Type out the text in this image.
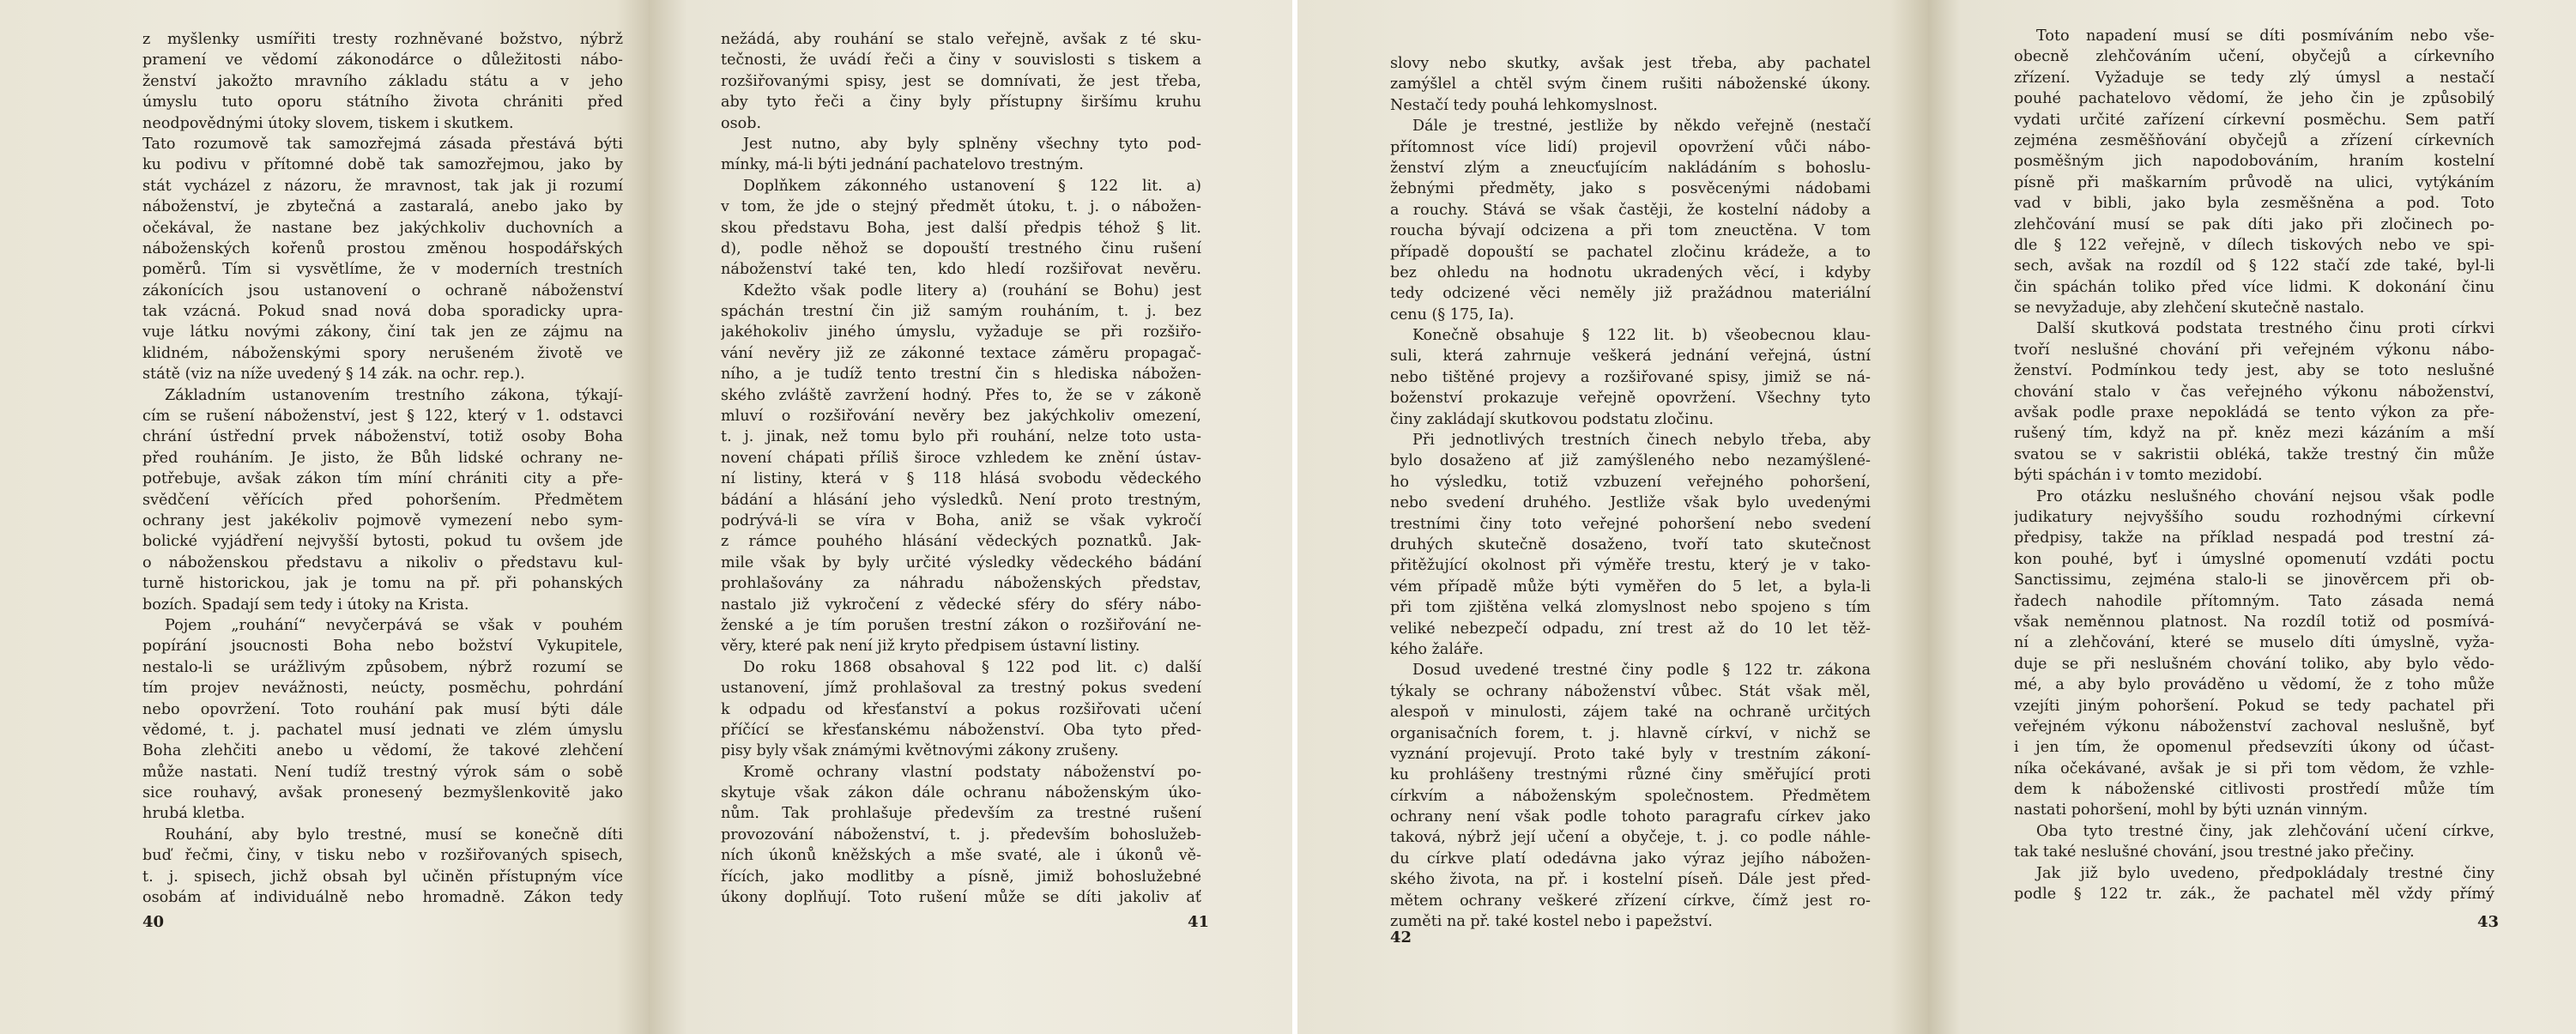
z myšlenky usmířiti tresty rozhněvané božstvo, nýbrž
pramení ve vědomí zákonodárce o důležitosti nábo-
ženství jakožto mravního základu státu a v jeho
úmyslu tuto oporu státního života chrániti před
neodpovědnými útoky slovem, tiskem i skutkem.
Tato rozumově tak samozřejmá zásada přestává býti
ku podivu v přítomné době tak samozřejmou, jako by
stát vycházel z názoru, že mravnost, tak jak ji rozumí
náboženství, je zbytečná a zastaralá, anebo jako by
očekával, že nastane bez jakýchkoliv duchovních a
náboženských kořenů prostou změnou hospodářských
poměrů. Tím si vysvětlíme, že v moderních trestních
zákonících jsou ustanovení o ochraně náboženství
tak vzácná. Pokud snad nová doba sporadicky upra-
vuje látku novými zákony, činí tak jen ze zájmu na
klidném, náboženskými spory nerušeném životě ve
státě (viz na níže uvedený § 14 zák. na ochr. rep.).
Základním ustanovením trestního zákona, týkají-
cím se rušení náboženství, jest § 122, který v 1. odstavci
chrání ústřední prvek náboženství, totiž osoby Boha
před rouháním. Je jisto, že Bůh lidské ochrany ne-
potřebuje, avšak zákon tím míní chrániti city a pře-
svědčení věřících před pohoršením. Předmětem
ochrany jest jakékoliv pojmově vymezení nebo sym-
bolické vyjádření nejvyšší bytosti, pokud tu ovšem jde
o náboženskou představu a nikoliv o představu kul-
turně historickou, jak je tomu na př. při pohanských
bozích. Spadají sem tedy i útoky na Krista.
Pojem „rouhání“ nevyčerpává se však v pouhém
popírání jsoucnosti Boha nebo božství Vykupitele,
nestalo-li se urážlivým způsobem, nýbrž rozumí se
tím projev nevážnosti, neúcty, posměchu, pohrdání
nebo opovržení. Toto rouhání pak musí býti dále
vědomé, t. j. pachatel musí jednati ve zlém úmyslu
Boha zlehčiti anebo u vědomí, že takové zlehčení
může nastati. Není tudíž trestný výrok sám o sobě
sice rouhavý, avšak pronesený bezmyšlenkovitě jako
hrubá kletba.
Rouhání, aby bylo trestné, musí se konečně díti
buď řečmi, činy, v tisku nebo v rozšiřovaných spisech,
t. j. spisech, jichž obsah byl učiněn přístupným více
osobám ať individuálně nebo hromadně. Zákon tedy
40
nežádá, aby rouhání se stalo veřejně, avšak z té sku-
tečnosti, že uvádí řeči a činy v souvislosti s tiskem a
rozšiřovanými spisy, jest se domnívati, že jest třeba,
aby tyto řeči a činy byly přístupny širšímu kruhu
osob.
Jest nutno, aby byly splněny všechny tyto pod-
mínky, má-li býti jednání pachatelovo trestným.
Doplňkem zákonného ustanovení § 122 lit. a)
v tom, že jde o stejný předmět útoku, t. j. o nábožen-
skou představu Boha, jest další předpis téhož § lit.
d), podle něhož se dopouští trestného činu rušení
náboženství také ten, kdo hledí rozšiřovat nevěru.
Kdežto však podle litery a) (rouhání se Bohu) jest
spáchán trestní čin již samým rouháním, t. j. bez
jakéhokoliv jiného úmyslu, vyžaduje se při rozšiřo-
vání nevěry již ze zákonné textace záměru propagač-
ního, a je tudíž tento trestní čin s hlediska nábožen-
ského zvláště zavržení hodný. Přes to, že se v zákoně
mluví o rozšiřování nevěry bez jakýchkoliv omezení,
t. j. jinak, než tomu bylo při rouhání, nelze toto usta-
novení chápati příliš široce vzhledem ke znění ústav-
ní listiny, která v § 118 hlásá svobodu vědeckého
bádání a hlásání jeho výsledků. Není proto trestným,
podrývá-li se víra v Boha, aniž se však vykročí
z rámce pouhého hlásání vědeckých poznatků. Jak-
mile však by byly určité výsledky vědeckého bádání
prohlašovány za náhradu náboženských představ,
nastalo již vykročení z vědecké sféry do sféry nábo-
ženské a je tím porušen trestní zákon o rozšiřování ne-
věry, které pak není již kryto předpisem ústavní listiny.
Do roku 1868 obsahoval § 122 pod lit. c) další
ustanovení, jímž prohlašoval za trestný pokus svedení
k odpadu od křesťanství a pokus rozšiřovati učení
příčící se křesťanskému náboženství. Oba tyto před-
pisy byly však známými květnovými zákony zrušeny.
Kromě ochrany vlastní podstaty náboženství po-
skytuje však zákon dále ochranu náboženským úko-
nům. Tak prohlašuje především za trestné rušení
provozování náboženství, t. j. především bohoslužeb-
ních úkonů kněžských a mše svaté, ale i úkonů vě-
řících, jako modlitby a písně, jimiž bohoslužebné
úkony doplňují. Toto rušení může se díti jakoliv ať
41
slovy nebo skutky, avšak jest třeba, aby pachatel
zamýšlel a chtěl svým činem rušiti náboženské úkony.
Nestačí tedy pouhá lehkomyslnost.
Dále je trestné, jestliže by někdo veřejně (nestačí
přítomnost více lidí) projevil opovržení vůči nábo-
ženství zlým a zneucťujícím nakládáním s bohoslu-
žebnými předměty, jako s posvěcenými nádobami
a rouchy. Stává se však častěji, že kostelní nádoby a
roucha bývají odcizena a při tom zneuctěna. V tom
případě dopouští se pachatel zločinu krádeže, a to
bez ohledu na hodnotu ukradených věcí, i kdyby
tedy odcizené věci neměly již pražádnou materiální
cenu (§ 175, Ia).
Konečně obsahuje § 122 lit. b) všeobecnou klau-
suli, která zahrnuje veškerá jednání veřejná, ústní
nebo tištěné projevy a rozšiřované spisy, jimiž se ná-
boženství prokazuje veřejně opovržení. Všechny tyto
činy zakládají skutkovou podstatu zločinu.
Při jednotlivých trestních činech nebylo třeba, aby
bylo dosaženo ať již zamýšleného nebo nezamýšlené-
ho výsledku, totiž vzbuzení veřejného pohoršení,
nebo svedení druhého. Jestliže však bylo uvedenými
trestními činy toto veřejné pohoršení nebo svedení
druhých skutečně dosaženo, tvoří tato skutečnost
přitěžující okolnost při výměře trestu, který je v tako-
vém případě může býti vyměřen do 5 let, a byla-li
při tom zjištěna velká zlomyslnost nebo spojeno s tím
veliké nebezpečí odpadu, zní trest až do 10 let těž-
kého žaláře.
Dosud uvedené trestné činy podle § 122 tr. zákona
týkaly se ochrany náboženství vůbec. Stát však měl,
alespoň v minulosti, zájem také na ochraně určitých
organisačních forem, t. j. hlavně církví, v nichž se
vyznání projevují. Proto také byly v trestním zákoní-
ku prohlášeny trestnými různé činy směřující proti
církvím a náboženským společnostem. Předmětem
ochrany není však podle tohoto paragrafu církev jako
taková, nýbrž její učení a obyčeje, t. j. co podle náhle-
du církve platí odedávna jako výraz jejího nábožen-
ského života, na př. i kostelní píseň. Dále jest před-
mětem ochrany veškeré zřízení církve, čímž jest ro-
zuměti na př. také kostel nebo i papežství.
42
Toto napadení musí se díti posmíváním nebo vše-
obecně zlehčováním učení, obyčejů a církevního
zřízení. Vyžaduje se tedy zlý úmysl a nestačí
pouhé pachatelovo vědomí, že jeho čin je způsobilý
vydati určité zařízení církevní posměchu. Sem patří
zejména zesměšňování obyčejů a zřízení církevních
posměšným jich napodobováním, hraním kostelní
písně při maškarním průvodě na ulici, vytýkáním
vad v bibli, jako byla zesměšněna a pod. Toto
zlehčování musí se pak díti jako při zločinech po-
dle § 122 veřejně, v dílech tiskových nebo ve spi-
sech, avšak na rozdíl od § 122 stačí zde také, byl-li
čin spáchán toliko před více lidmi. K dokonání činu
se nevyžaduje, aby zlehčení skutečně nastalo.
Další skutková podstata trestného činu proti církvi
tvoří neslušné chování při veřejném výkonu nábo-
ženství. Podmínkou tedy jest, aby se toto neslušné
chování stalo v čas veřejného výkonu náboženství,
avšak podle praxe nepokládá se tento výkon za pře-
rušený tím, když na př. kněz mezi kázáním a mší
svatou se v sakristii obléká, takže trestný čin může
býti spáchán i v tomto mezidobí.
Pro otázku neslušného chování nejsou však podle
judikatury nejvyššího soudu rozhodnými církevní
předpisy, takže na příklad nespadá pod trestní zá-
kon pouhé, byť i úmyslné opomenutí vzdáti poctu
Sanctissimu, zejména stalo-li se jinověrcem při ob-
řadech nahodile přítomným. Tato zásada nemá
však neměnnou platnost. Na rozdíl totiž od posmívá-
ní a zlehčování, které se muselo díti úmyslně, vyža-
duje se při neslušném chování toliko, aby bylo vědo-
mé, a aby bylo prováděno u vědomí, že z toho může
vzejíti jiným pohoršení. Pokud se tedy pachatel při
veřejném výkonu náboženství zachoval neslušně, byť
i jen tím, že opomenul předsevzíti úkony od účast-
níka očekávané, avšak je si při tom vědom, že vzhle-
dem k náboženské citlivosti prostředí může tím
nastati pohoršení, mohl by býti uznán vinným.
Oba tyto trestné činy, jak zlehčování učení církve,
tak také neslušné chování, jsou trestné jako přečiny.
Jak již bylo uvedeno, předpokládaly trestné činy
podle § 122 tr. zák., že pachatel měl vždy přímý
43
